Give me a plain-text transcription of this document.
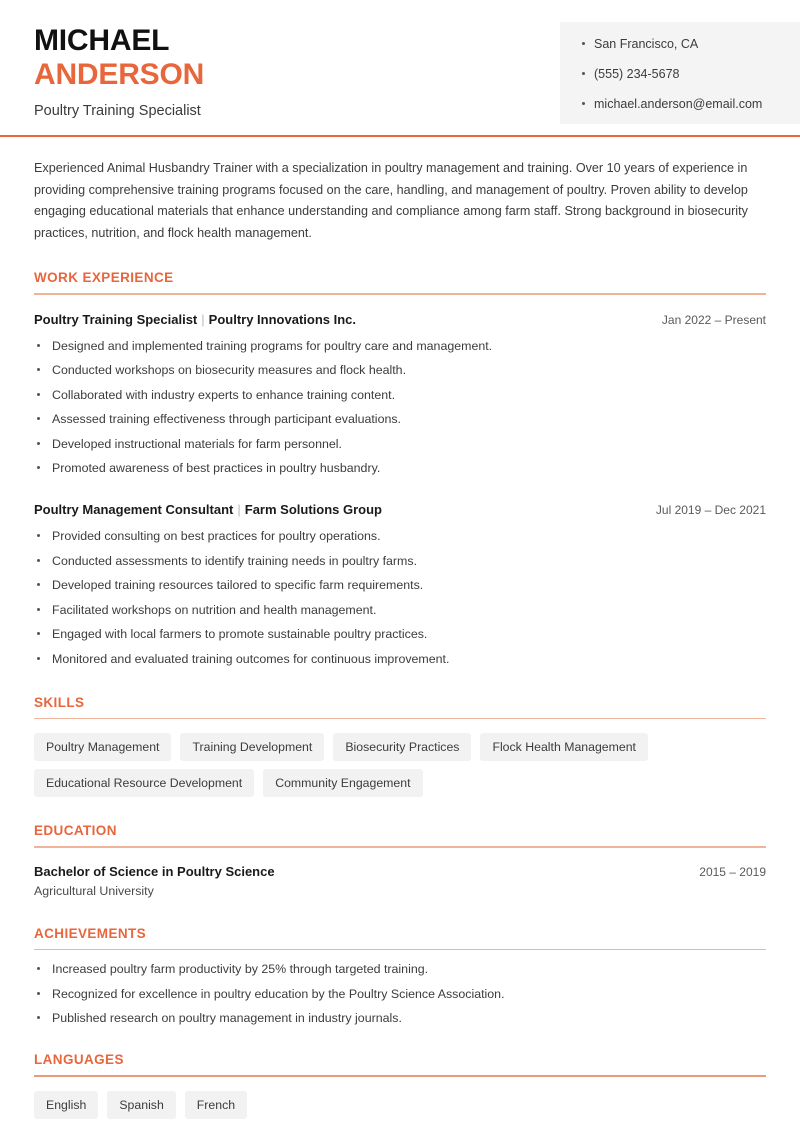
MICHAEL
ANDERSON
Poultry Training Specialist
San Francisco, CA
(555) 234-5678
michael.anderson@email.com
Experienced Animal Husbandry Trainer with a specialization in poultry management and training. Over 10 years of experience in providing comprehensive training programs focused on the care, handling, and management of poultry. Proven ability to develop engaging educational materials that enhance understanding and compliance among farm staff. Strong background in biosecurity practices, nutrition, and flock health management.
WORK EXPERIENCE
Poultry Training Specialist | Poultry Innovations Inc.	Jan 2022 – Present
Designed and implemented training programs for poultry care and management.
Conducted workshops on biosecurity measures and flock health.
Collaborated with industry experts to enhance training content.
Assessed training effectiveness through participant evaluations.
Developed instructional materials for farm personnel.
Promoted awareness of best practices in poultry husbandry.
Poultry Management Consultant | Farm Solutions Group	Jul 2019 – Dec 2021
Provided consulting on best practices for poultry operations.
Conducted assessments to identify training needs in poultry farms.
Developed training resources tailored to specific farm requirements.
Facilitated workshops on nutrition and health management.
Engaged with local farmers to promote sustainable poultry practices.
Monitored and evaluated training outcomes for continuous improvement.
SKILLS
Poultry Management	Training Development	Biosecurity Practices	Flock Health Management
Educational Resource Development	Community Engagement
EDUCATION
Bachelor of Science in Poultry Science	2015 – 2019
Agricultural University
ACHIEVEMENTS
Increased poultry farm productivity by 25% through targeted training.
Recognized for excellence in poultry education by the Poultry Science Association.
Published research on poultry management in industry journals.
LANGUAGES
English	Spanish	French
